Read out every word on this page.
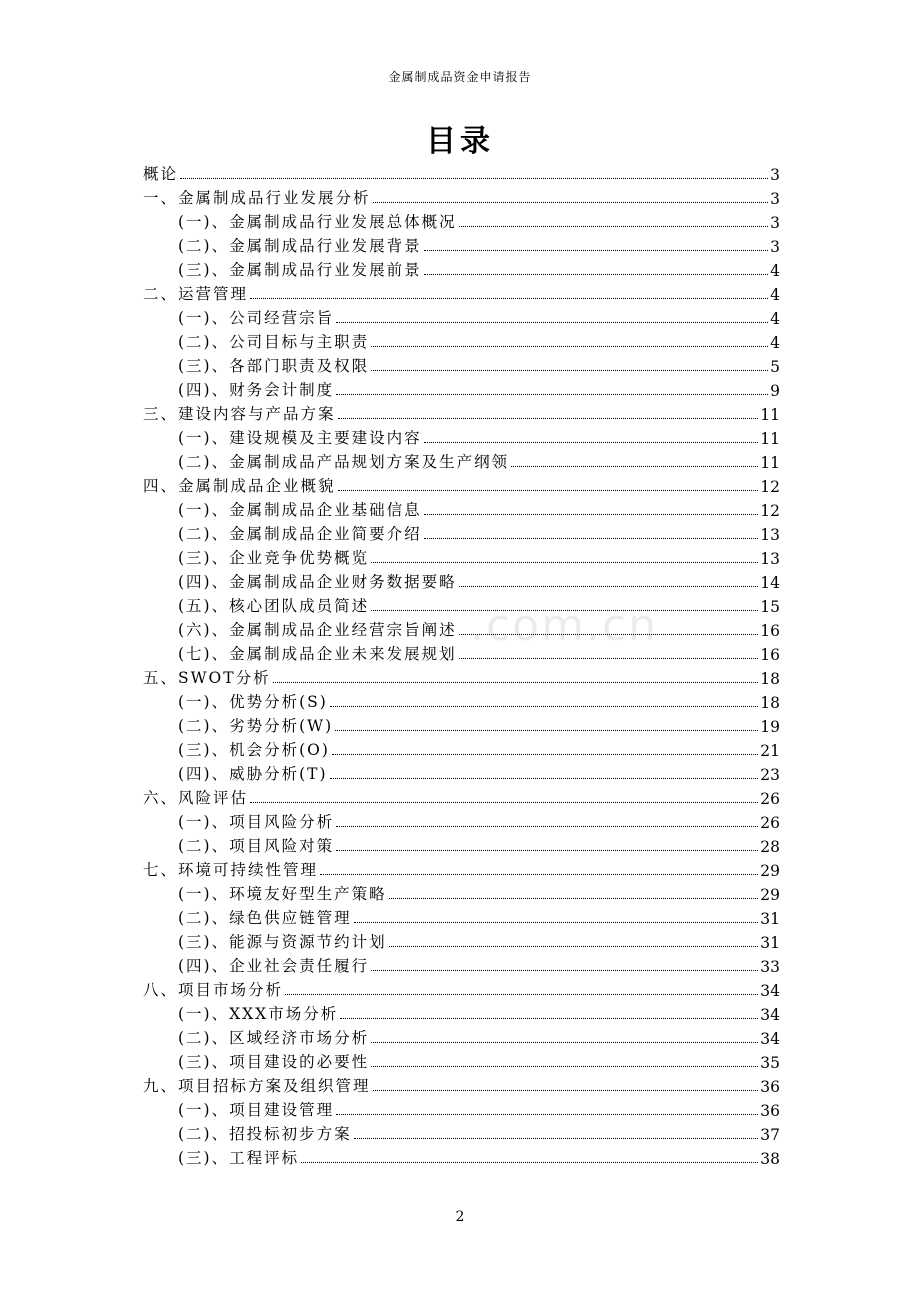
金属制成品资金申请报告
目录
概论	3
一、金属制成品行业发展分析	3
(一)、金属制成品行业发展总体概况	3
(二)、金属制成品行业发展背景	3
(三)、金属制成品行业发展前景	4
二、运营管理	4
(一)、公司经营宗旨	4
(二)、公司目标与主职责	4
(三)、各部门职责及权限	5
(四)、财务会计制度	9
三、建设内容与产品方案	11
(一)、建设规模及主要建设内容	11
(二)、金属制成品产品规划方案及生产纲领	11
四、金属制成品企业概貌	12
(一)、金属制成品企业基础信息	12
(二)、金属制成品企业简要介绍	13
(三)、企业竞争优势概览	13
(四)、金属制成品企业财务数据要略	14
(五)、核心团队成员简述	15
(六)、金属制成品企业经营宗旨阐述	16
(七)、金属制成品企业未来发展规划	16
五、SWOT分析	18
(一)、优势分析(S)	18
(二)、劣势分析(W)	19
(三)、机会分析(O)	21
(四)、威胁分析(T)	23
六、风险评估	26
(一)、项目风险分析	26
(二)、项目风险对策	28
七、环境可持续性管理	29
(一)、环境友好型生产策略	29
(二)、绿色供应链管理	31
(三)、能源与资源节约计划	31
(四)、企业社会责任履行	33
八、项目市场分析	34
(一)、XXX市场分析	34
(二)、区域经济市场分析	34
(三)、项目建设的必要性	35
九、项目招标方案及组织管理	36
(一)、项目建设管理	36
(二)、招投标初步方案	37
(三)、工程评标	38
.com.cn
2
